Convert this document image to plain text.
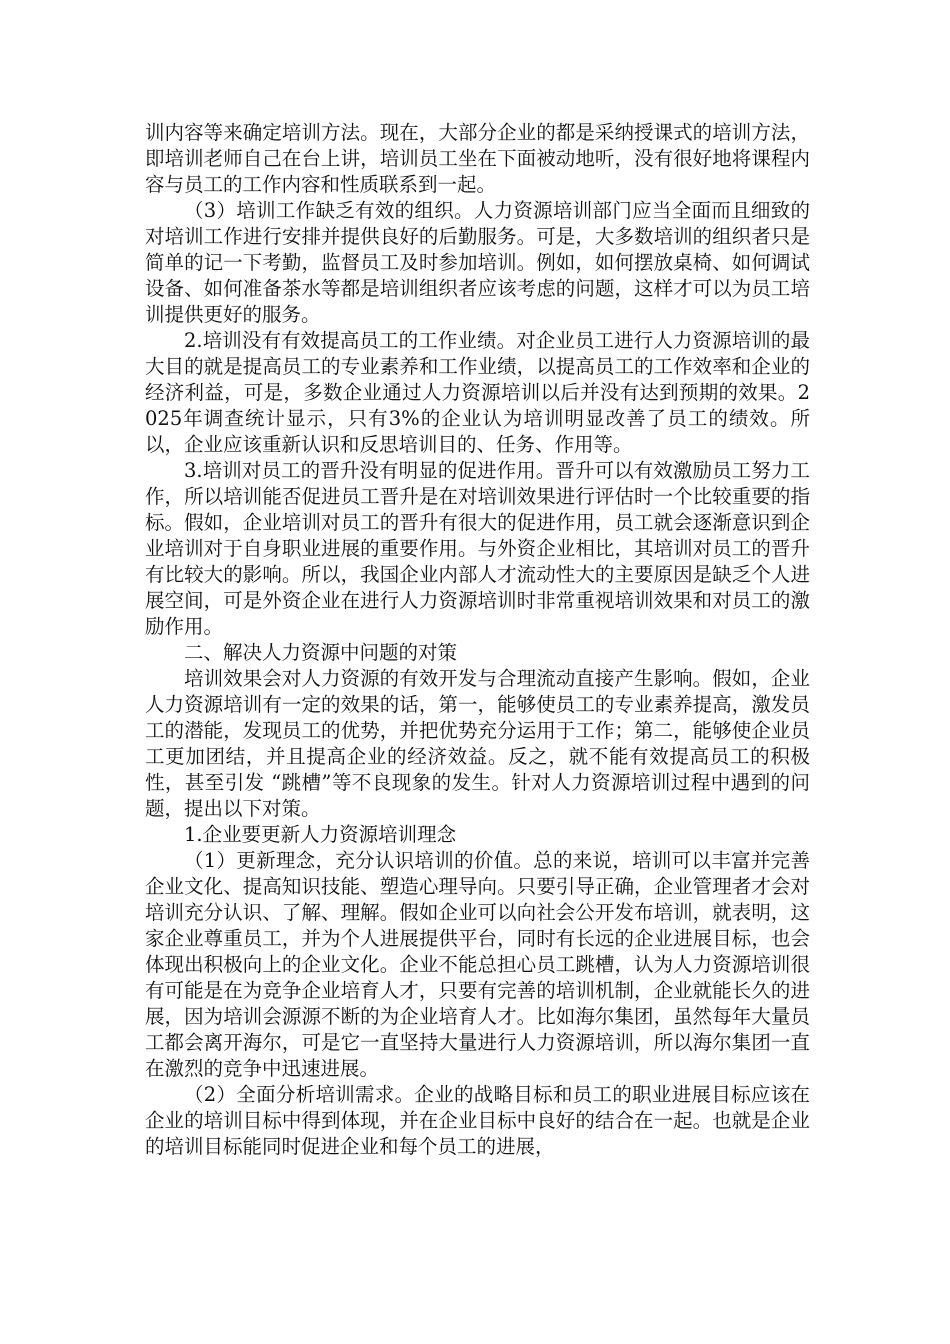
训内容等来确定培训方法。现在，大部分企业的都是采纳授课式的培训方法，即培训老师自己在台上讲，培训员工坐在下面被动地听，没有很好地将课程内容与员工的工作内容和性质联系到一起。

（3）培训工作缺乏有效的组织。人力资源培训部门应当全面而且细致的对培训工作进行安排并提供良好的后勤服务。可是，大多数培训的组织者只是简单的记一下考勤，监督员工及时参加培训。例如，如何摆放桌椅、如何调试设备、如何准备茶水等都是培训组织者应该考虑的问题，这样才可以为员工培训提供更好的服务。

2.培训没有有效提高员工的工作业绩。对企业员工进行人力资源培训的最大目的就是提高员工的专业素养和工作业绩，以提高员工的工作效率和企业的经济利益，可是，多数企业通过人力资源培训以后并没有达到预期的效果。2025年调查统计显示，只有3%的企业认为培训明显改善了员工的绩效。所以，企业应该重新认识和反思培训目的、任务、作用等。

3.培训对员工的晋升没有明显的促进作用。晋升可以有效激励员工努力工作，所以培训能否促进员工晋升是在对培训效果进行评估时一个比较重要的指标。假如，企业培训对员工的晋升有很大的促进作用，员工就会逐渐意识到企业培训对于自身职业进展的重要作用。与外资企业相比，其培训对员工的晋升有比较大的影响。所以，我国企业内部人才流动性大的主要原因是缺乏个人进展空间，可是外资企业在进行人力资源培训时非常重视培训效果和对员工的激励作用。

二、解决人力资源中问题的对策

培训效果会对人力资源的有效开发与合理流动直接产生影响。假如，企业人力资源培训有一定的效果的话，第一，能够使员工的专业素养提高，激发员工的潜能，发现员工的优势，并把优势充分运用于工作；第二，能够使企业员工更加团结，并且提高企业的经济效益。反之，就不能有效提高员工的积极性，甚至引发 “跳槽”等不良现象的发生。针对人力资源培训过程中遇到的问题，提出以下对策。

1.企业要更新人力资源培训理念

（1）更新理念，充分认识培训的价值。总的来说，培训可以丰富并完善企业文化、提高知识技能、塑造心理导向。只要引导正确，企业管理者才会对培训充分认识、了解、理解。假如企业可以向社会公开发布培训，就表明，这家企业尊重员工，并为个人进展提供平台，同时有长远的企业进展目标，也会体现出积极向上的企业文化。企业不能总担心员工跳槽，认为人力资源培训很有可能是在为竞争企业培育人才，只要有完善的培训机制，企业就能长久的进展，因为培训会源源不断的为企业培育人才。比如海尔集团，虽然每年大量员工都会离开海尔，可是它一直坚持大量进行人力资源培训，所以海尔集团一直在激烈的竞争中迅速进展。

（2）全面分析培训需求。企业的战略目标和员工的职业进展目标应该在企业的培训目标中得到体现，并在企业目标中良好的结合在一起。也就是企业的培训目标能同时促进企业和每个员工的进展，
